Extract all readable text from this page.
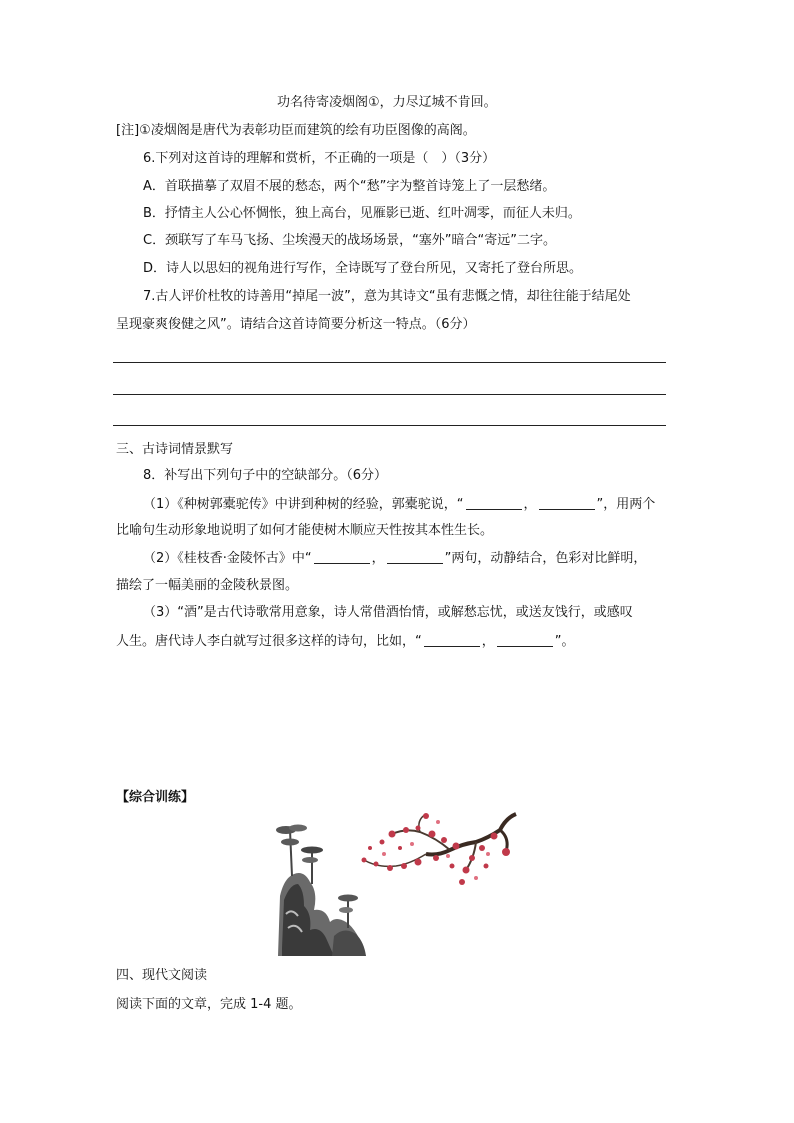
功名待寄凌烟阁①，力尽辽城不肯回。
[注]①凌烟阁是唐代为表彰功臣而建筑的绘有功臣图像的高阁。
6.下列对这首诗的理解和赏析，不正确的一项是（　）（3分）
A．首联描摹了双眉不展的愁态，两个“愁”字为整首诗笼上了一层愁绪。
B．抒情主人公心怀惆怅，独上高台，见雁影已逝、红叶凋零，而征人未归。
C．颈联写了车马飞扬、尘埃漫天的战场场景，“塞外”暗合“寄远”二字。
D．诗人以思妇的视角进行写作，全诗既写了登台所见，又寄托了登台所思。
7.古人评价杜牧的诗善用“掉尾一波”，意为其诗文“虽有悲慨之情，却往往能于结尾处
呈现豪爽俊健之风”。请结合这首诗简要分析这一特点。（6分）
三、古诗词情景默写
8．补写出下列句子中的空缺部分。（6分）
（1）《种树郭橐驼传》中讲到种树的经验，郭橐驼说，“	，	”，用两个
比喻句生动形象地说明了如何才能使树木顺应天性按其本性生长。
（2）《桂枝香·金陵怀古》中“	，	”两句，动静结合，色彩对比鲜明，
描绘了一幅美丽的金陵秋景图。
（3）“酒”是古代诗歌常用意象，诗人常借酒怡情，或解愁忘忧，或送友饯行，或感叹
人生。唐代诗人李白就写过很多这样的诗句，比如，“	，	”。
【综合训练】
四、现代文阅读
阅读下面的文章，完成 1-4 题。
